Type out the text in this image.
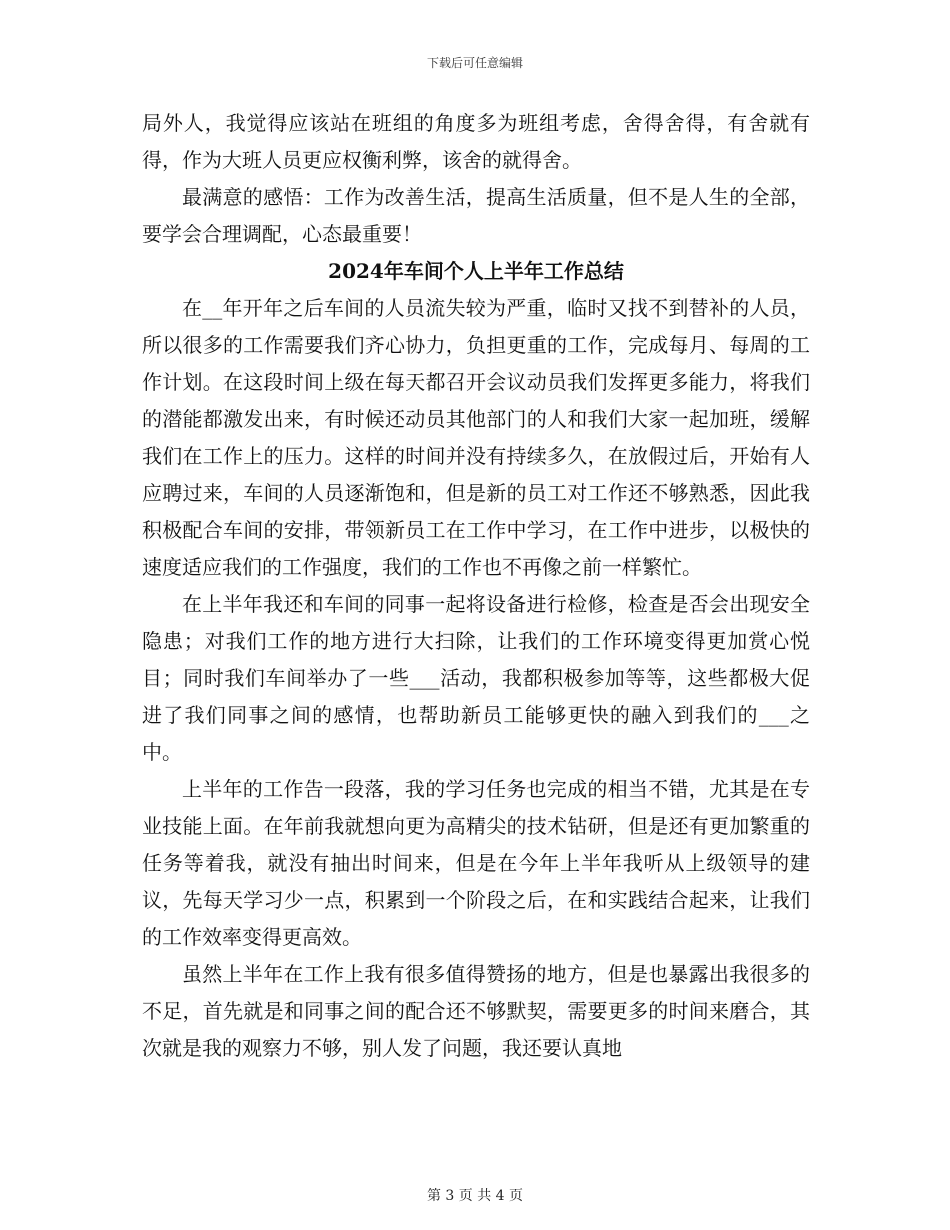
下载后可任意编辑

局外人，我觉得应该站在班组的角度多为班组考虑，舍得舍得，有舍就有得，作为大班人员更应权衡利弊，该舍的就得舍。

最满意的感悟：工作为改善生活，提高生活质量，但不是人生的全部，要学会合理调配，心态最重要！

2024年车间个人上半年工作总结

在__年开年之后车间的人员流失较为严重，临时又找不到替补的人员，所以很多的工作需要我们齐心协力，负担更重的工作，完成每月、每周的工作计划。在这段时间上级在每天都召开会议动员我们发挥更多能力，将我们的潜能都激发出来，有时候还动员其他部门的人和我们大家一起加班，缓解我们在工作上的压力。这样的时间并没有持续多久，在放假过后，开始有人应聘过来，车间的人员逐渐饱和，但是新的员工对工作还不够熟悉，因此我积极配合车间的安排，带领新员工在工作中学习，在工作中进步，以极快的速度适应我们的工作强度，我们的工作也不再像之前一样繁忙。

在上半年我还和车间的同事一起将设备进行检修，检查是否会出现安全隐患；对我们工作的地方进行大扫除，让我们的工作环境变得更加赏心悦目；同时我们车间举办了一些___活动，我都积极参加等等，这些都极大促进了我们同事之间的感情，也帮助新员工能够更快的融入到我们的___之中。

上半年的工作告一段落，我的学习任务也完成的相当不错，尤其是在专业技能上面。在年前我就想向更为高精尖的技术钻研，但是还有更加繁重的任务等着我，就没有抽出时间来，但是在今年上半年我听从上级领导的建议，先每天学习少一点，积累到一个阶段之后，在和实践结合起来，让我们的工作效率变得更高效。

虽然上半年在工作上我有很多值得赞扬的地方，但是也暴露出我很多的不足，首先就是和同事之间的配合还不够默契，需要更多的时间来磨合，其次就是我的观察力不够，别人发了问题，我还要认真地

第 3 页 共 4 页
